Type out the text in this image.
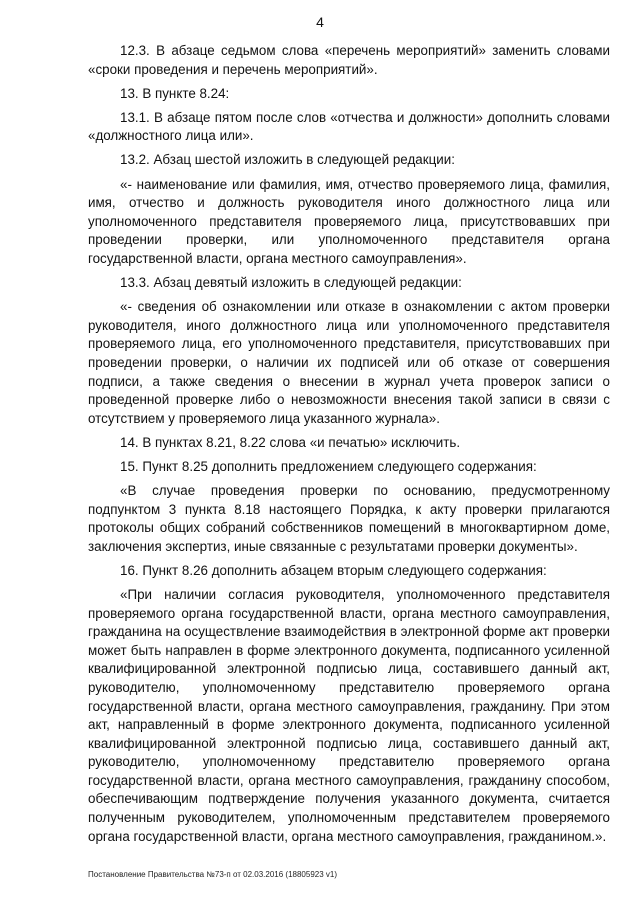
4

12.3. В абзаце седьмом слова «перечень мероприятий» заменить словами «сроки проведения и перечень мероприятий».

13. В пункте 8.24:

13.1. В абзаце пятом после слов «отчества и должности» дополнить словами «должностного лица или».

13.2. Абзац шестой изложить в следующей редакции:

«- наименование или фамилия, имя, отчество проверяемого лица, фамилия, имя, отчество и должность руководителя иного должностного лица или уполномоченного представителя проверяемого лица, присутствовавших при проведении проверки, или уполномоченного представителя органа государственной власти, органа местного самоуправления».

13.3. Абзац девятый изложить в следующей редакции:

«- сведения об ознакомлении или отказе в ознакомлении с актом проверки руководителя, иного должностного лица или уполномоченного представителя проверяемого лица, его уполномоченного представителя, присутствовавших при проведении проверки, о наличии их подписей или об отказе от совершения подписи, а также сведения о внесении в журнал учета проверок записи о проведенной проверке либо о невозможности внесения такой записи в связи с отсутствием у проверяемого лица указанного журнала».

14. В пунктах 8.21, 8.22 слова «и печатью» исключить.

15. Пункт 8.25 дополнить предложением следующего содержания:

«В случае проведения проверки по основанию, предусмотренному подпунктом 3 пункта 8.18 настоящего Порядка, к акту проверки прилагаются протоколы общих собраний собственников помещений в многоквартирном доме, заключения экспертиз, иные связанные с результатами проверки документы».

16. Пункт 8.26 дополнить абзацем вторым следующего содержания:

«При наличии согласия руководителя, уполномоченного представителя проверяемого органа государственной власти, органа местного самоуправления, гражданина на осуществление взаимодействия в электронной форме акт проверки может быть направлен в форме электронного документа, подписанного усиленной квалифицированной электронной подписью лица, составившего данный акт, руководителю, уполномоченному представителю проверяемого органа государственной власти, органа местного самоуправления, гражданину. При этом акт, направленный в форме электронного документа, подписанного усиленной квалифицированной электронной подписью лица, составившего данный акт, руководителю, уполномоченному представителю проверяемого органа государственной власти, органа местного самоуправления, гражданину способом, обеспечивающим подтверждение получения указанного документа, считается полученным руководителем, уполномоченным представителем проверяемого органа государственной власти, органа местного самоуправления, гражданином.».

Постановление Правительства №73-п от 02.03.2016 (18805923 v1)
